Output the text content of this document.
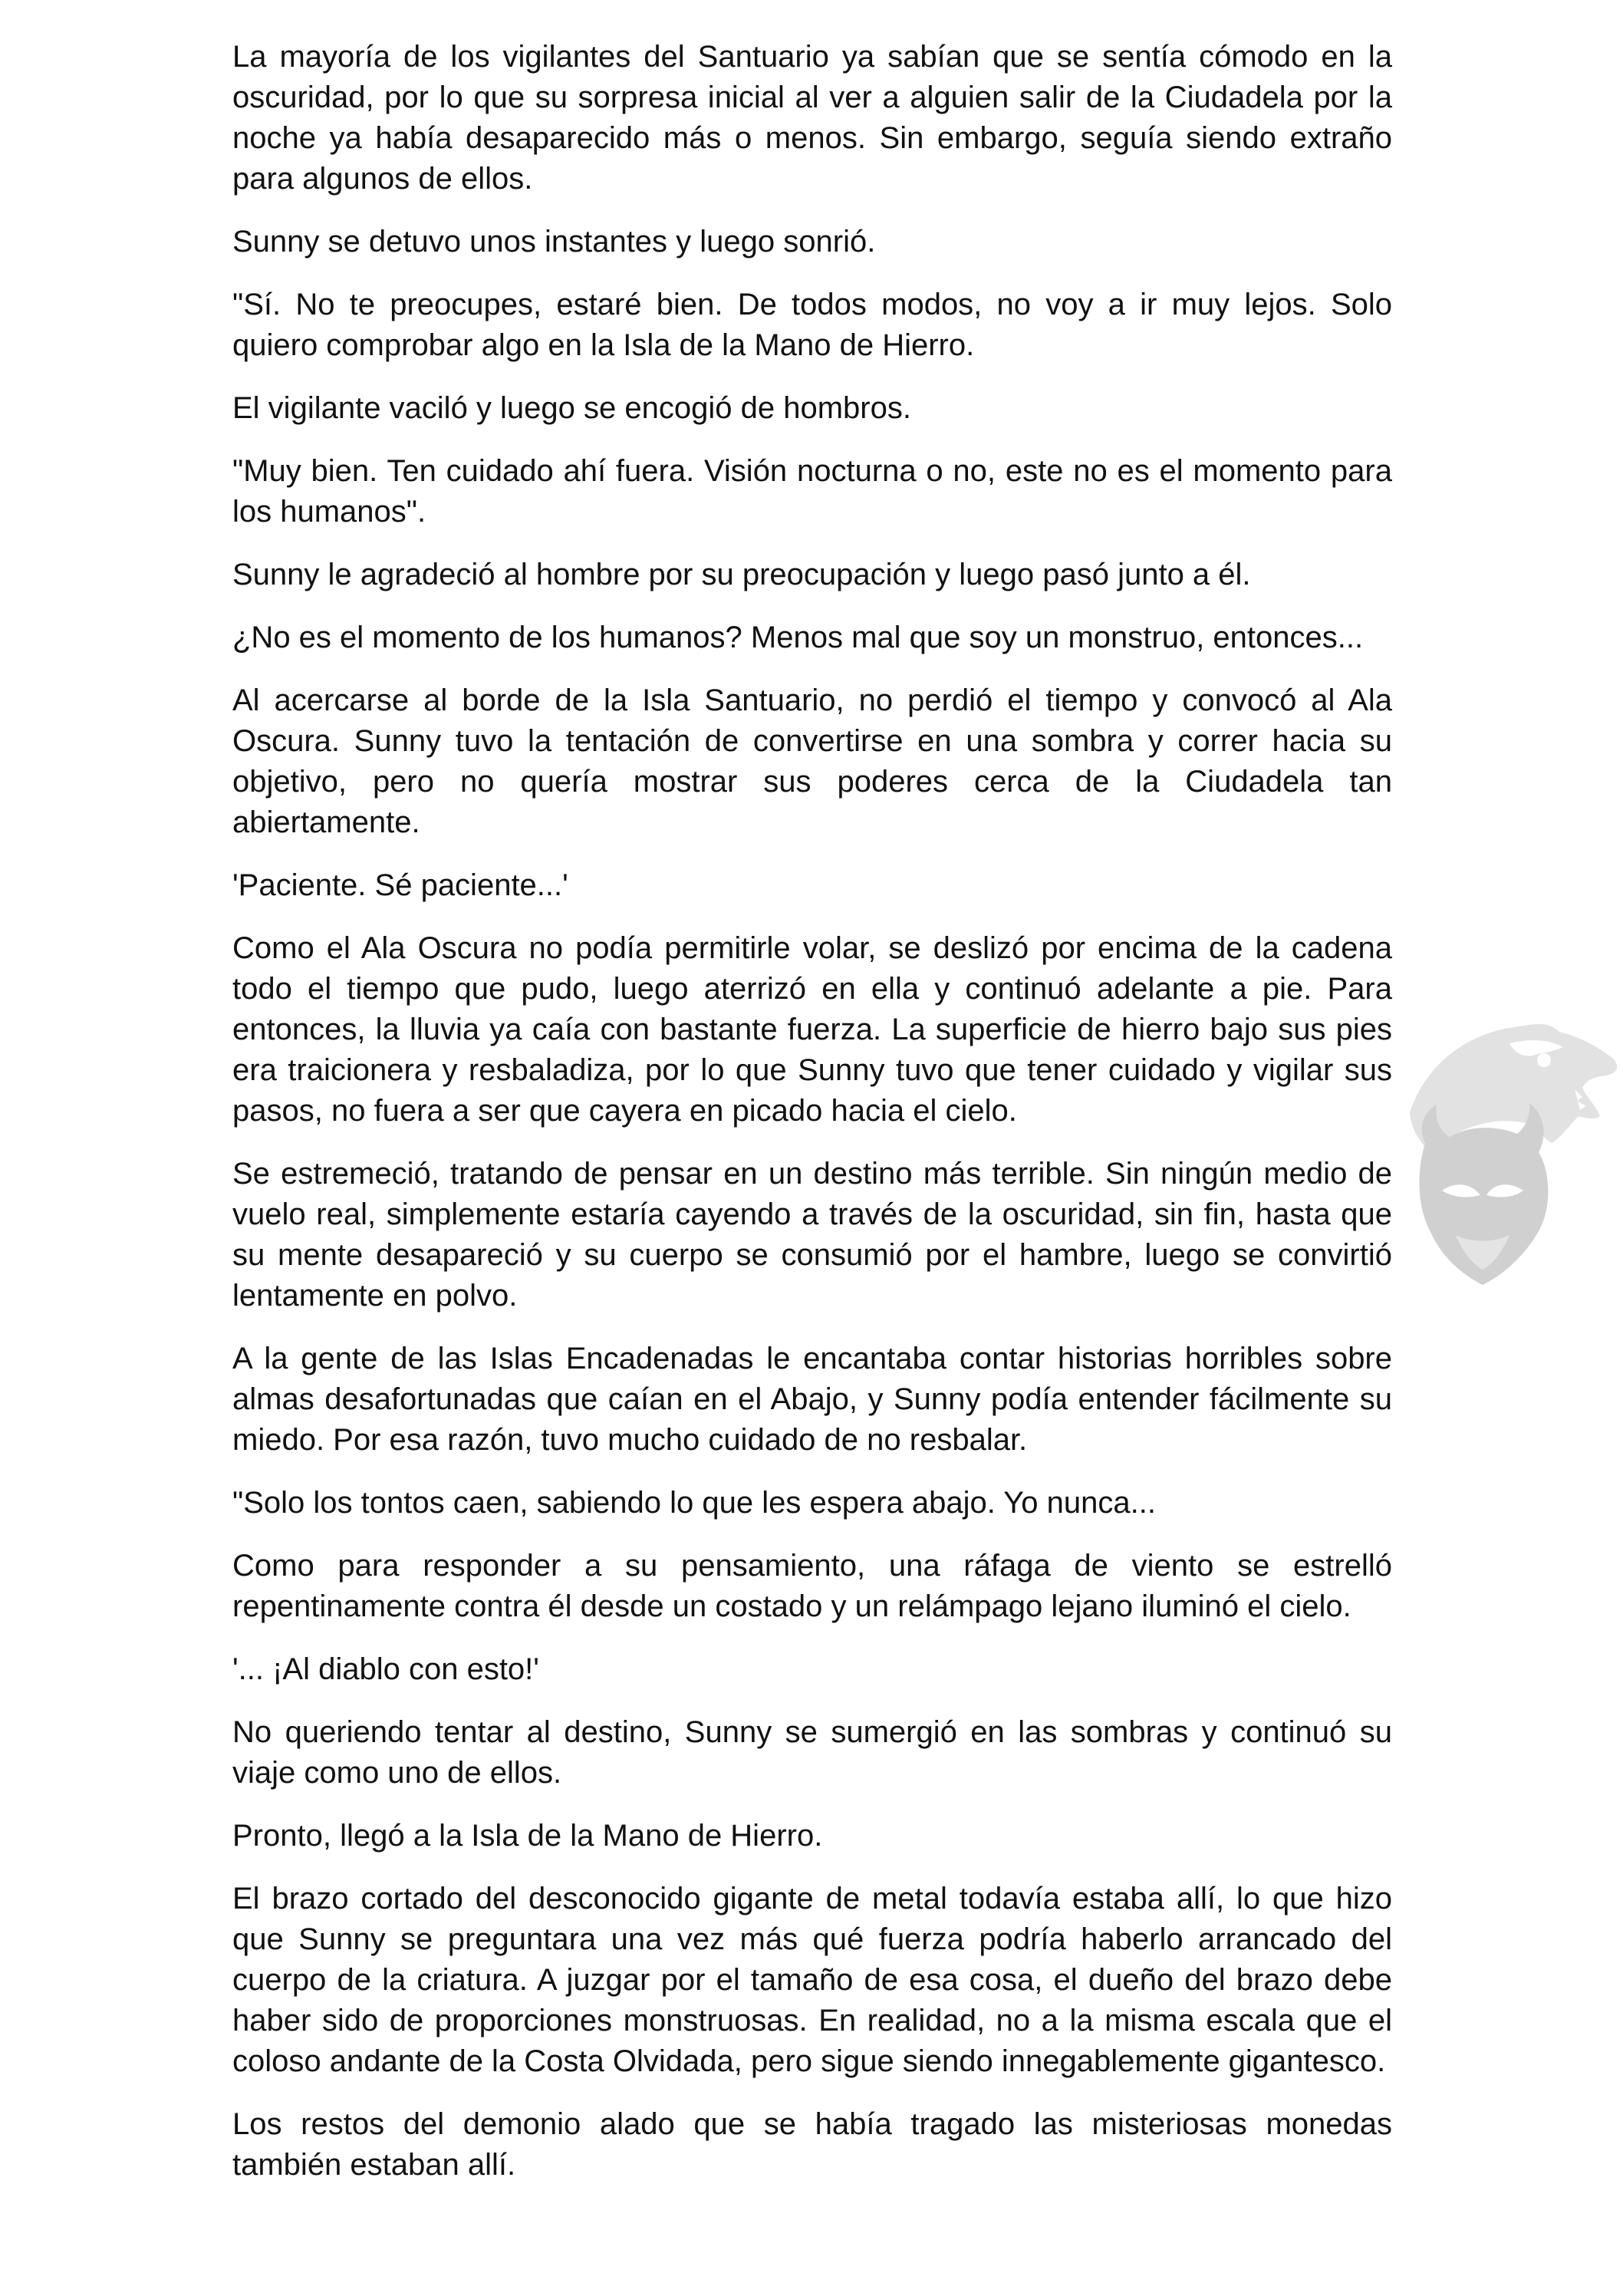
La mayoría de los vigilantes del Santuario ya sabían que se sentía cómodo en la oscuridad, por lo que su sorpresa inicial al ver a alguien salir de la Ciudadela por la noche ya había desaparecido más o menos. Sin embargo, seguía siendo extraño para algunos de ellos.

Sunny se detuvo unos instantes y luego sonrió.

"Sí. No te preocupes, estaré bien. De todos modos, no voy a ir muy lejos. Solo quiero comprobar algo en la Isla de la Mano de Hierro.

El vigilante vaciló y luego se encogió de hombros.

"Muy bien. Ten cuidado ahí fuera. Visión nocturna o no, este no es el momento para los humanos".

Sunny le agradeció al hombre por su preocupación y luego pasó junto a él.

¿No es el momento de los humanos? Menos mal que soy un monstruo, entonces...

Al acercarse al borde de la Isla Santuario, no perdió el tiempo y convocó al Ala Oscura. Sunny tuvo la tentación de convertirse en una sombra y correr hacia su objetivo, pero no quería mostrar sus poderes cerca de la Ciudadela tan abiertamente.

'Paciente. Sé paciente...'

Como el Ala Oscura no podía permitirle volar, se deslizó por encima de la cadena todo el tiempo que pudo, luego aterrizó en ella y continuó adelante a pie. Para entonces, la lluvia ya caía con bastante fuerza. La superficie de hierro bajo sus pies era traicionera y resbaladiza, por lo que Sunny tuvo que tener cuidado y vigilar sus pasos, no fuera a ser que cayera en picado hacia el cielo.

Se estremeció, tratando de pensar en un destino más terrible. Sin ningún medio de vuelo real, simplemente estaría cayendo a través de la oscuridad, sin fin, hasta que su mente desapareció y su cuerpo se consumió por el hambre, luego se convirtió lentamente en polvo.

A la gente de las Islas Encadenadas le encantaba contar historias horribles sobre almas desafortunadas que caían en el Abajo, y Sunny podía entender fácilmente su miedo. Por esa razón, tuvo mucho cuidado de no resbalar.

"Solo los tontos caen, sabiendo lo que les espera abajo. Yo nunca...

Como para responder a su pensamiento, una ráfaga de viento se estrelló repentinamente contra él desde un costado y un relámpago lejano iluminó el cielo.

'... ¡Al diablo con esto!'

No queriendo tentar al destino, Sunny se sumergió en las sombras y continuó su viaje como uno de ellos.

Pronto, llegó a la Isla de la Mano de Hierro.

El brazo cortado del desconocido gigante de metal todavía estaba allí, lo que hizo que Sunny se preguntara una vez más qué fuerza podría haberlo arrancado del cuerpo de la criatura. A juzgar por el tamaño de esa cosa, el dueño del brazo debe haber sido de proporciones monstruosas. En realidad, no a la misma escala que el coloso andante de la Costa Olvidada, pero sigue siendo innegablemente gigantesco.

Los restos del demonio alado que se había tragado las misteriosas monedas también estaban allí.
